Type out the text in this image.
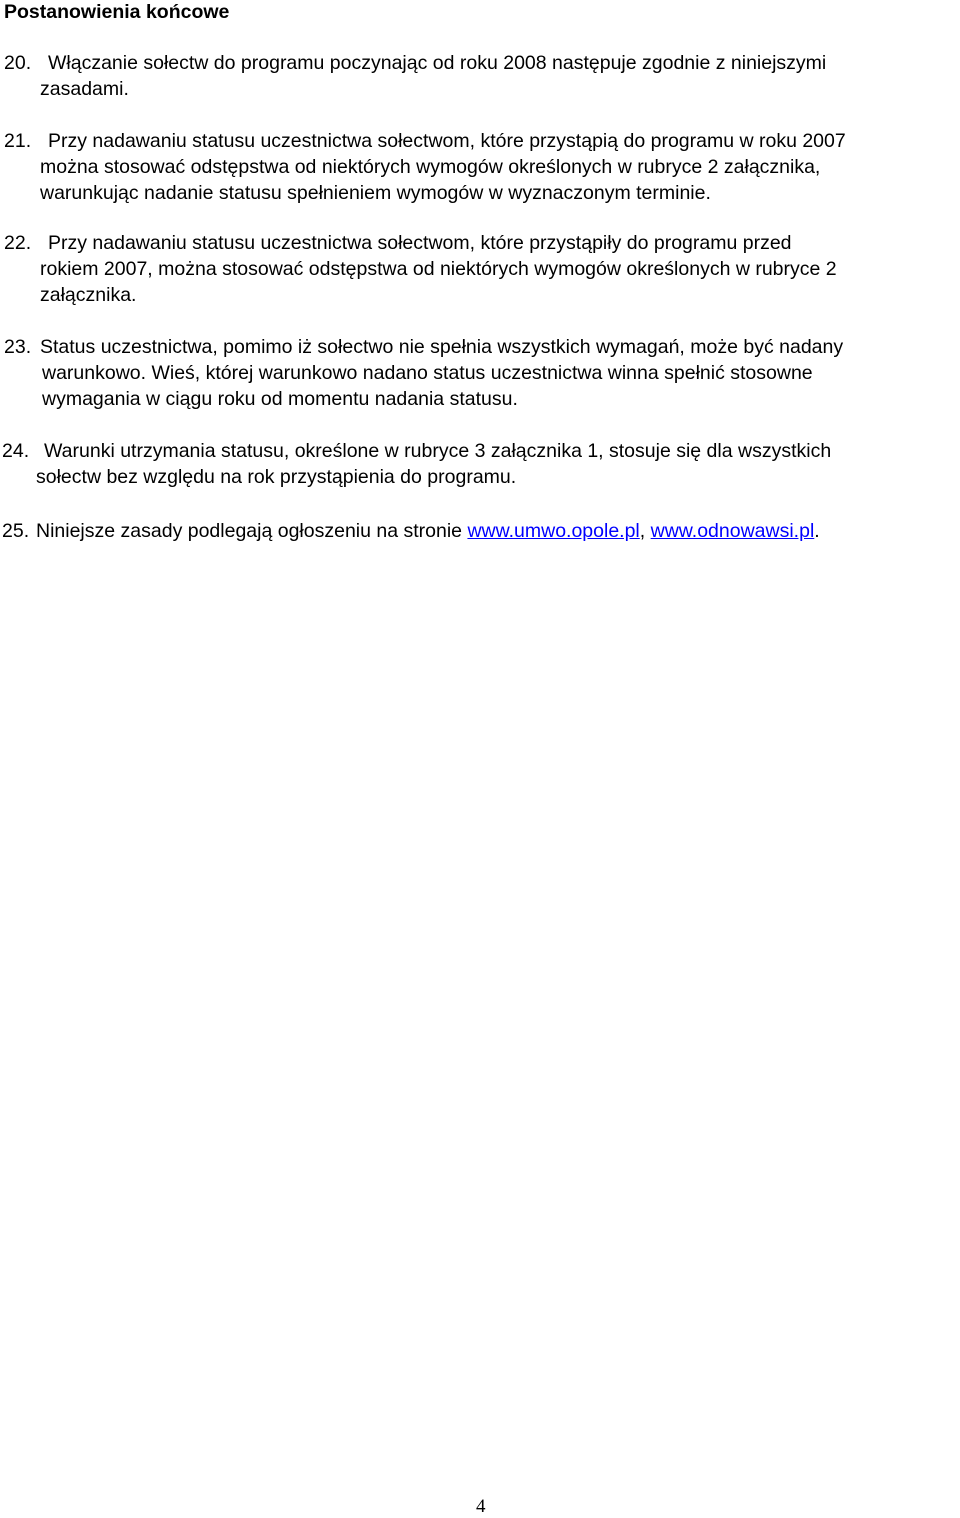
Postanowienia końcowe
20. Włączanie sołectw do programu poczynając od roku 2008 następuje zgodnie z niniejszymi
zasadami.
21. Przy nadawaniu statusu uczestnictwa sołectwom, które przystąpią do programu w roku 2007
można stosować odstępstwa od niektórych wymogów określonych w rubryce 2 załącznika,
warunkując nadanie statusu spełnieniem wymogów w wyznaczonym terminie.
22. Przy nadawaniu statusu uczestnictwa sołectwom, które przystąpiły do programu przed
rokiem 2007, można stosować odstępstwa od niektórych wymogów określonych w rubryce 2
załącznika.
23. Status uczestnictwa, pomimo iż sołectwo nie spełnia wszystkich wymagań, może być nadany
warunkowo. Wieś, której warunkowo nadano status uczestnictwa winna spełnić stosowne
wymagania w ciągu roku od momentu nadania statusu.
24. Warunki utrzymania statusu, określone w rubryce 3 załącznika 1, stosuje się dla wszystkich
sołectw bez względu na rok przystąpienia do programu.
25. Niniejsze zasady podlegają ogłoszeniu na stronie www.umwo.opole.pl, www.odnowawsi.pl.
4
